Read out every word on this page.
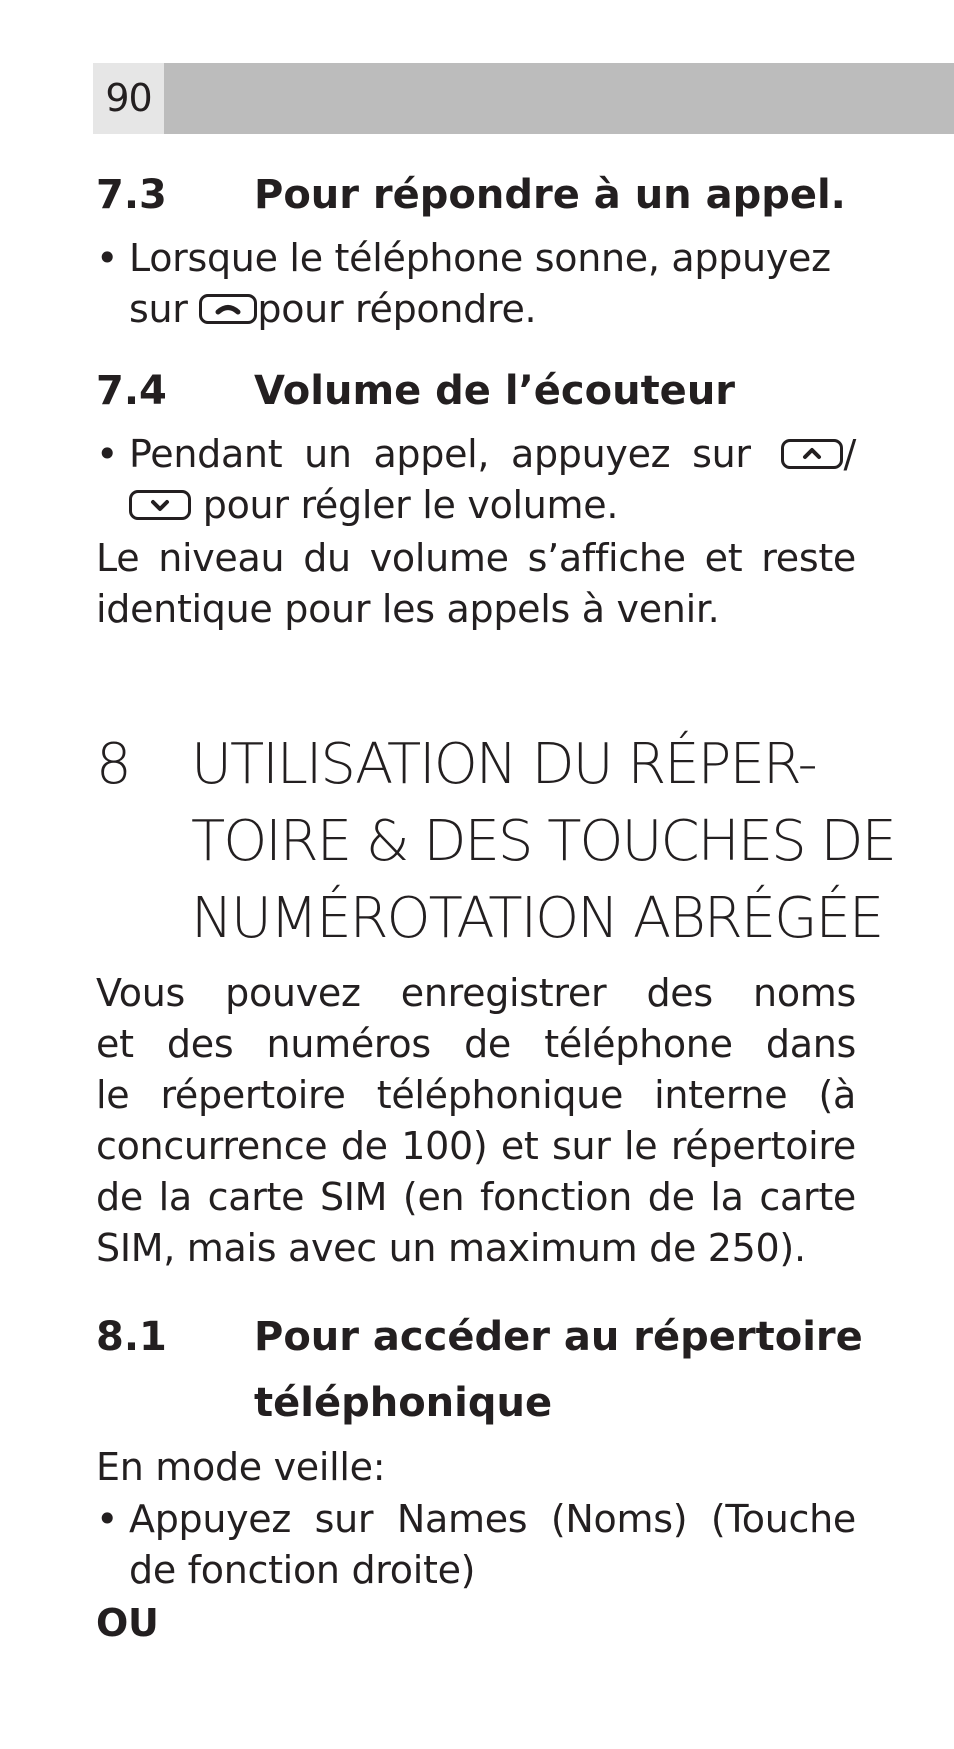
90
7.3 Pour répondre à un appel.
• Lorsque le téléphone sonne, appuyez
sur pour répondre.
7.4 Volume de l’écouteur
• Pendant un appel, appuyez sur	/
pour régler le volume.
Le niveau du volume s’affiche et reste
identique pour les appels à venir.
8 UTILISATION DU RÉPER-
TOIRE & DES TOUCHES DE
NUMÉROTATION ABRÉGÉE
Vous pouvez enregistrer des noms
et des numéros de téléphone dans
le répertoire téléphonique interne (à
concurrence de 100) et sur le répertoire
de la carte SIM (en fonction de la carte
SIM, mais avec un maximum de 250).
8.1 Pour accéder au répertoire
téléphonique
En mode veille:
• Appuyez sur Names (Noms) (Touche
de fonction droite)
OU
